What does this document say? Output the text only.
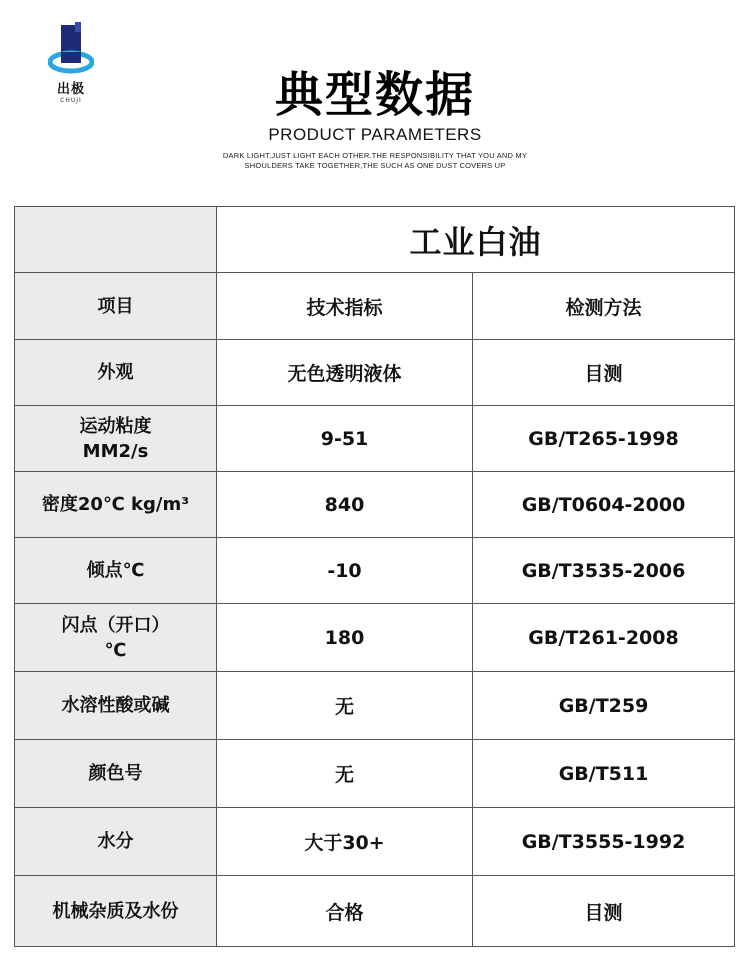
出极
CHUJI	典型数据
PRODUCT PARAMETERS
DARK LIGHT,JUST LIGHT EACH OTHER.THE RESPONSIBILITY THAT YOU AND MY
SHOULDERS TAKE TOGETHER,THE SUCH AS ONE DUST COVERS UP
	工业白油	
项目	技术指标	检测方法

外观	无色透明液体	目测

运动粘度
MM2/s	9-51	GB/T265-1998

密度20℃ kg/m³	840	GB/T0604-2000

倾点℃	-10	GB/T3535-2006

闪点（开口）
℃	180	GB/T261-2008

水溶性酸或碱	无	GB/T259

颜色号	无	GB/T511

水分	大于30+	GB/T3555-1992

机械杂质及水份	合格	目测
